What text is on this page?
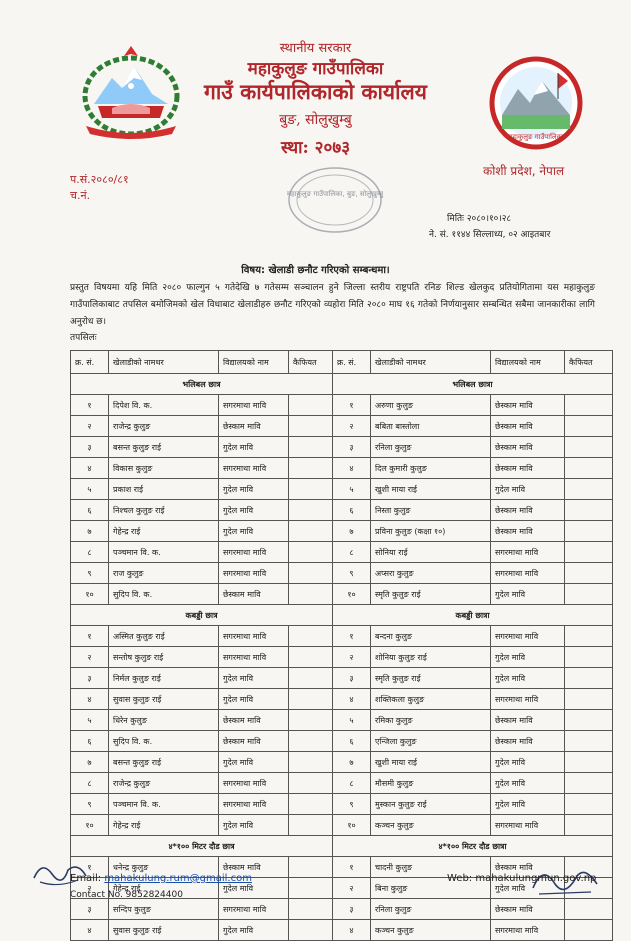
स्थानीय सरकार
महाकुलुङ गाउँपालिका
गाउँ कार्यपालिकाको कार्यालय
बुङ, सोलुखुम्बु
स्था: २०७३
महाकुलुङ गाउँपालिका
कोशी प्रदेश, नेपाल
प.सं.२०८०/८१
च.नं.	महाकुलुङ गाउँपालिका, बुङ, सोलुखुम्बु
मितिः २०८०।१०।२८
ने. सं. ११४४ सिल्लाध्य, ०२ आइतबार
विषय: खेलाडी छनौट गरिएको सम्बन्धमा।
प्रस्तुत विषयमा यहि मिति २०८० फाल्गुन ५ गतेदेखि ७ गतेसम्म सञ्चालन हुने जिल्ला स्तरीय राष्ट्रपति रनिङ शिल्ड खेलकुद प्रतियोगितामा यस महाकुलुङ गाउँपालिकाबाट तपसिल बमोजिमको खेल विधाबाट खेलाडीहरु छनौट गरिएको व्यहोरा मिति २०८० माघ १६ गतेको निर्णयानुसार सम्बन्धित सबैमा जानकारीका लागि अनुरोध छ।
तपसिलः
क्र. सं.	खेलाडीको नामथर	विद्यालयको नाम	कैफियत	क्र. सं.	खेलाडीको नामथर	विद्यालयको नाम	कैफियत
भलिबल छात्र				भलिबल छात्रा			
१	दिपेश वि. क.	सगरमाथा मावि		१	अरुणा कुलुङ	छेस्काम मावि	
२	राजेन्द्र कुलुङ	छेस्काम मावि		२	बबिता बास्तोला	छेस्काम मावि	
३	बसन्त कुलुङ राई	गुदेल मावि		३	रनिला कुलुङ	छेस्काम मावि	
४	विकास कुलुङ	सगरमाथा मावि		४	दिल कुमारी कुलुङ	छेस्काम मावि	
५	प्रकाश राई	गुदेल मावि		५	खुशी माया राई	गुदेल मावि	
६	निश्चल कुलुङ राई	गुदेल मावि		६	निस्ता कुलुङ	छेस्काम मावि	
७	गेहेन्द्र राई	गुदेल मावि		७	प्रविना कुलुङ (कक्षा १०)	छेस्काम मावि	
८	पञ्चमान वि. क.	सगरमाथा मावि		८	सोनिया राई	सगरमाथा मावि	
९	राज कुलुङ	सगरमाथा मावि		९	अप्सरा कुलुङ	सगरमाथा मावि	
१०	सुदिप वि. क.	छेस्काम मावि		१०	स्मृति कुलुङ राई	गुदेल मावि	
कबड्डी छात्र				कबड्डी छात्रा			
१	अस्मित कुलुङ राई	सगरमाथा मावि		१	बन्दना कुलुङ	सगरमाथा मावि	
२	सन्तोष कुलुङ राई	सगरमाथा मावि		२	शोनिया कुलुङ राई	गुदेल मावि	
३	निर्मल कुलुङ राई	गुदेल मावि		३	स्मृति कुलुङ राई	गुदेल मावि	
४	सुवास कुलुङ राई	गुदेल मावि		४	शक्तिकला कुलुङ	सगरमाथा मावि	
५	धिरेन कुलुङ	छेस्काम मावि		५	रमिका कुलुङ	छेस्काम मावि	
६	सुदिप वि. क.	छेस्काम मावि		६	एन्जिला कुलुङ	छेस्काम मावि	
७	बसन्त कुलुङ राई	गुदेल मावि		७	खुशी माया राई	गुदेल मावि	
८	राजेन्द्र कुलुङ	सगरमाथा मावि		८	मौसमी कुलुङ	गुदेल मावि	
९	पञ्चमान वि. क.	सगरमाथा मावि		९	मुस्कान कुलुङ राई	गुदेल मावि	
१०	गेहेन्द्र राई	गुदेल मावि		१०	कञ्चन कुलुङ	सगरमाथा मावि	
४*१०० मिटर दौड छात्र				४*१०० मिटर दौड छात्रा			
१	धनेन्द्र कुलुङ	छेस्काम मावि		१	चादनी कुलुङ	छेस्काम मावि	
२	गेहेन्द्र राई	गुदेल मावि		२	बिना कुलुङ	गुदेल मावि	
३	सन्दिप कुलुङ	सगरमाथा मावि		३	रनिला कुलुङ	छेस्काम मावि	
४	सुवास कुलुङ राई	गुदेल मावि		४	कञ्चन कुलुङ	सगरमाथा मावि	
Email: mahakulung.rum@gmail.com
Contact No. 9852824400
Web: mahakulungmun.gov.np
